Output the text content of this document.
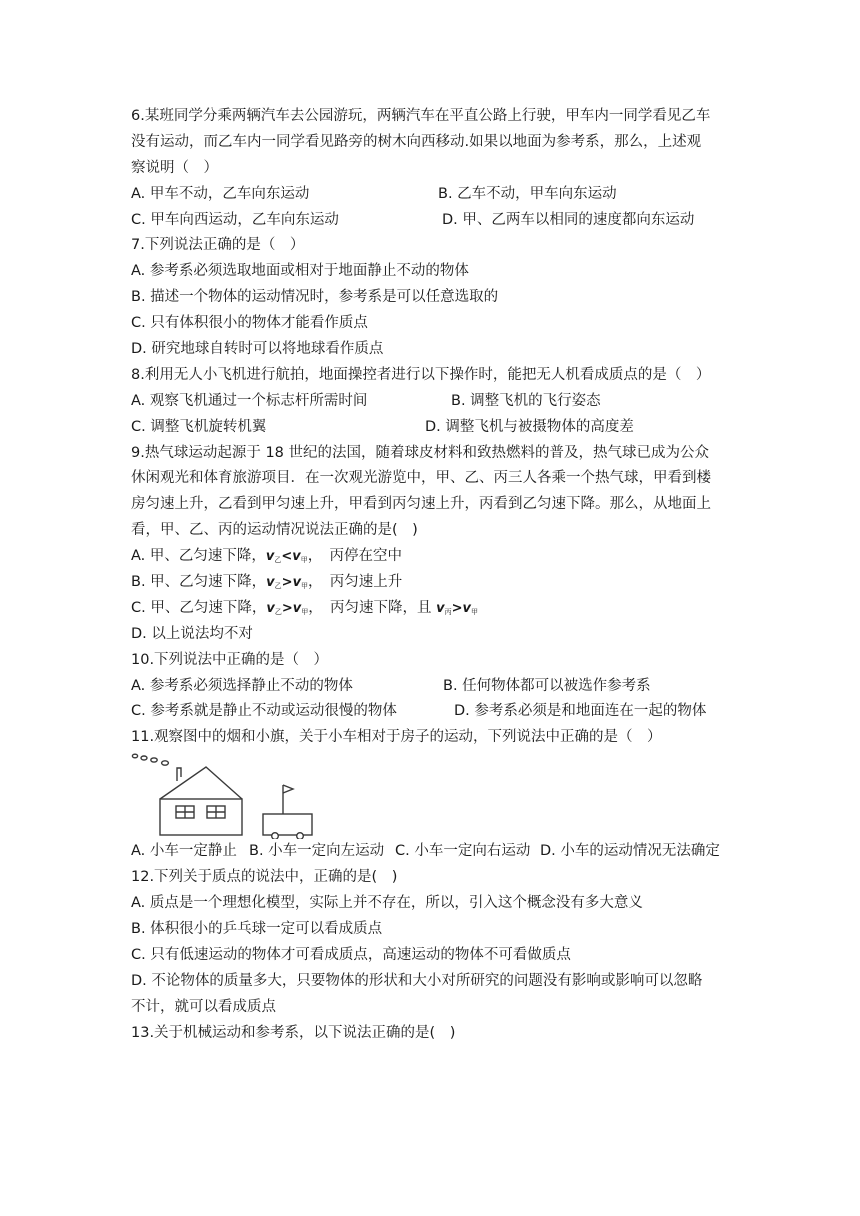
6.某班同学分乘两辆汽车去公园游玩，两辆汽车在平直公路上行驶，甲车内一同学看见乙车
没有运动，而乙车内一同学看见路旁的树木向西移动.如果以地面为参考系，那么，上述观
察说明（　）
A. 甲车不动，乙车向东运动	B. 乙车不动，甲车向东运动
C. 甲车向西运动，乙车向东运动	D. 甲、乙两车以相同的速度都向东运动
7.下列说法正确的是（　）
A. 参考系必须选取地面或相对于地面静止不动的物体
B. 描述一个物体的运动情况时，参考系是可以任意选取的
C. 只有体积很小的物体才能看作质点
D. 研究地球自转时可以将地球看作质点
8.利用无人小飞机进行航拍，地面操控者进行以下操作时，能把无人机看成质点的是（　）
A. 观察飞机通过一个标志杆所需时间	B. 调整飞机的飞行姿态
C. 调整飞机旋转机翼	D. 调整飞机与被摄物体的高度差
9.热气球运动起源于 18 世纪的法国，随着球皮材料和致热燃料的普及，热气球已成为公众
休闲观光和体育旅游项目．在一次观光游览中，甲、乙、丙三人各乘一个热气球，甲看到楼
房匀速上升，乙看到甲匀速上升，甲看到丙匀速上升，丙看到乙匀速下降。那么，从地面上
看，甲、乙、丙的运动情况说法正确的是(　)
A. 甲、乙匀速下降，$v_乙<v_甲$，　丙停在空中
B. 甲、乙匀速下降，$v_乙>v_甲$，　丙匀速上升
C. 甲、乙匀速下降，$v_乙>v_甲$，　丙匀速下降，且 $v_丙>v_甲$
D. 以上说法均不对
10.下列说法中正确的是（　）
A. 参考系必须选择静止不动的物体	B. 任何物体都可以被选作参考系
C. 参考系就是静止不动或运动很慢的物体	D. 参考系必须是和地面连在一起的物体
11.观察图中的烟和小旗，关于小车相对于房子的运动，下列说法中正确的是（　）
A. 小车一定静止 B. 小车一定向左运动 C. 小车一定向右运动 D. 小车的运动情况无法确定
12.下列关于质点的说法中，正确的是(　)
A. 质点是一个理想化模型，实际上并不存在，所以，引入这个概念没有多大意义
B. 体积很小的乒乓球一定可以看成质点
C. 只有低速运动的物体才可看成质点，高速运动的物体不可看做质点
D. 不论物体的质量多大，只要物体的形状和大小对所研究的问题没有影响或影响可以忽略
不计，就可以看成质点
13.关于机械运动和参考系，以下说法正确的是(　)
